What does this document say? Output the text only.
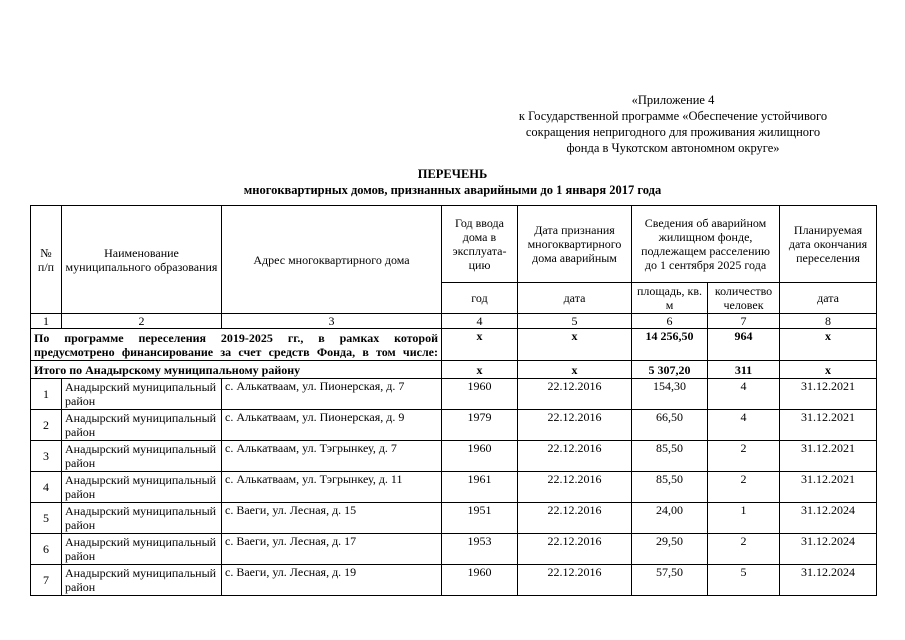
«Приложение 4
к Государственной программе «Обеспечение устойчивого
сокращения непригодного для проживания жилищного
фонда в Чукотском автономном округе»
ПЕРЕЧЕНЬ
многоквартирных домов, признанных аварийными до 1 января 2017 года
№ п/п	Наименование муниципального образования	Адрес многоквартирного дома	Год ввода дома в эксплуата-цию	Дата признания многоквартирного дома аварийным	Сведения об аварийном жилищном фонде, подлежащем расселению до 1 сентября 2025 года		Планируемая дата окончания переселения
			год	дата	площадь, кв. м	количество человек	дата
1	2	3	4	5	6	7	8
По программе переселения 2019-2025 гг., в рамках которой предусмотрено финансирование за счет средств Фонда, в том числе:			x	x	14 256,50	964	x
Итого по Анадырскому муниципальному району			x	x	5 307,20	311	x
1	Анадырский муниципальный район	с. Алькатваам, ул. Пионерская, д. 7	1960	22.12.2016	154,30	4	31.12.2021
2	Анадырский муниципальный район	с. Алькатваам, ул. Пионерская, д. 9	1979	22.12.2016	66,50	4	31.12.2021
3	Анадырский муниципальный район	с. Алькатваам, ул. Тэгрынкеу, д. 7	1960	22.12.2016	85,50	2	31.12.2021
4	Анадырский муниципальный район	с. Алькатваам, ул. Тэгрынкеу, д. 11	1961	22.12.2016	85,50	2	31.12.2021
5	Анадырский муниципальный район	с. Ваеги, ул. Лесная, д. 15	1951	22.12.2016	24,00	1	31.12.2024
6	Анадырский муниципальный район	с. Ваеги, ул. Лесная, д. 17	1953	22.12.2016	29,50	2	31.12.2024
7	Анадырский муниципальный район	с. Ваеги, ул. Лесная, д. 19	1960	22.12.2016	57,50	5	31.12.2024
